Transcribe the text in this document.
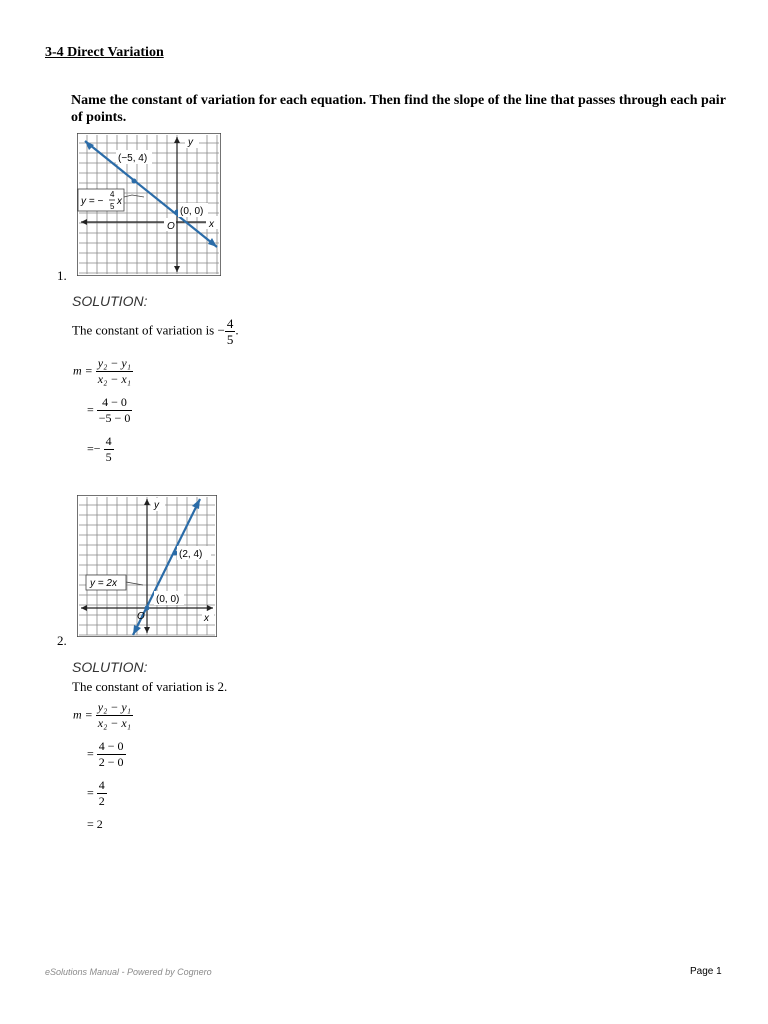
3-4 Direct Variation
Name the constant of variation for each equation. Then find the slope of the line that passes through each pair of points.
(−5, 4)
(0, 0)
y
x
O
y = −
4
5 x
1.
SOLUTION:
The constant of variation is − $\frac{4}{5}$ .
$m = \frac{\text{y₂ − y₁}}{\text{x₂ − x₁}}$
= $\frac{4 - 0}{-5 - 0}$
=− $\frac{4}{5}$
(2, 4)
(0, 0)
y
x
O
y = 2x
2.
SOLUTION:
The constant of variation is 2.
$m = \frac{\text{y₂ − y₁}}{\text{x₂ − x₁}}$
= $\frac{4 - 0}{2 - 0}$
= $\frac{4}{2}$
= 2
eSolutions Manual - Powered by Cognero	Page 1
